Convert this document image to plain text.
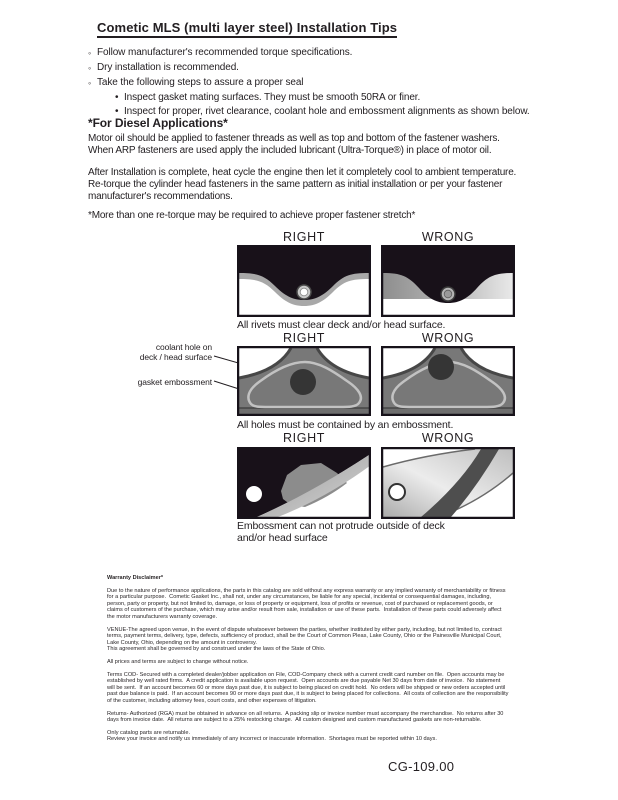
Cometic MLS (multi layer steel) Installation Tips
◦
Follow manufacturer's recommended torque specifications.
◦
Dry installation is recommended.
◦
Take the following steps to assure a proper seal
•
Inspect gasket mating surfaces. They must be smooth 50RA or finer.
•
Inspect for proper, rivet clearance, coolant hole and embossment alignments as shown below.
*For Diesel Applications*
Motor oil should be applied to fastener threads as well as top and bottom of the fastener washers. When ARP fasteners are used apply the included lubricant (Ultra-Torque®) in place of motor oil.
After Installation is complete, heat cycle the engine then let it completely cool to ambient temperature. Re-torque the cylinder head fasteners in the same pattern as initial installation or per your fastener manufacturer's recommendations.
*More than one re-torque may be required to achieve proper fastener stretch*
RIGHT	WRONG
All rivets must clear deck and/or head surface.
RIGHT	WRONG
coolant hole on
deck / head surface
gasket embossment
All holes must be contained by an embossment.
RIGHT	WRONG
Embossment can not protrude outside of deck and/or head surface
Warranty Disclaimer*

Due to the nature of performance applications, the parts in this catalog are sold without any express warranty or any implied warranty of merchantability or fitness for a particular purpose.  Cometic Gasket Inc., shall not, under any circumstances, be liable for any special, incidental or consequential damages, including, person, party or property, but not limited to, damage, or loss of property or equipment, loss of profits or revenue, cost of purchased or replacement goods, or claims of customers of the purchase, which may arise and/or result from sale, installation or use of these parts.  Installation of these parts could adversely affect the motor manufacturers warranty coverage.

VENUE-The agreed upon venue, in the event of dispute whatsoever between the parties, whether instituted by either party, including, but not limited to, contract terms, payment terms, delivery, type, defects, sufficiency of product, shall be the Court of Common Pleas, Lake County, Ohio or the Painesville Municipal Court, Lake County, Ohio, depending on the amount in controversy.

This agreement shall be governed by and construed under the laws of the State of Ohio.

All prices and terms are subject to change without notice.

Terms COD- Secured with a completed dealer/jobber application on File, COD-Company check with a current credit card number on file.  Open accounts may be established by well rated firms.  A credit application is available upon request.  Open accounts are due payable Net 30 days from date of invoice.  No statement will be sent.  If an account becomes 60 or more days past due, it is subject to being placed on credit hold.  No orders will be shipped or new orders accepted until past due balance is paid.  If an account becomes 90 or more days past due, it is subject to being placed for collections.  All costs of collection are the responsibility of the customer, including attorney fees, court costs, and other expenses of litigation.

Returns- Authorized (RGA) must be obtained in advance on all returns.  A packing slip or invoice number must accompany the merchandise.  No returns after 30 days from invoice date.  All returns are subject to a 25% restocking charge.  All custom designed and custom manufactured gaskets are non-returnable.

Only catalog parts are returnable.

Review your invoice and notify us immediately of any incorrect or inaccurate information.  Shortages must be reported within 10 days.

CG-109.00
